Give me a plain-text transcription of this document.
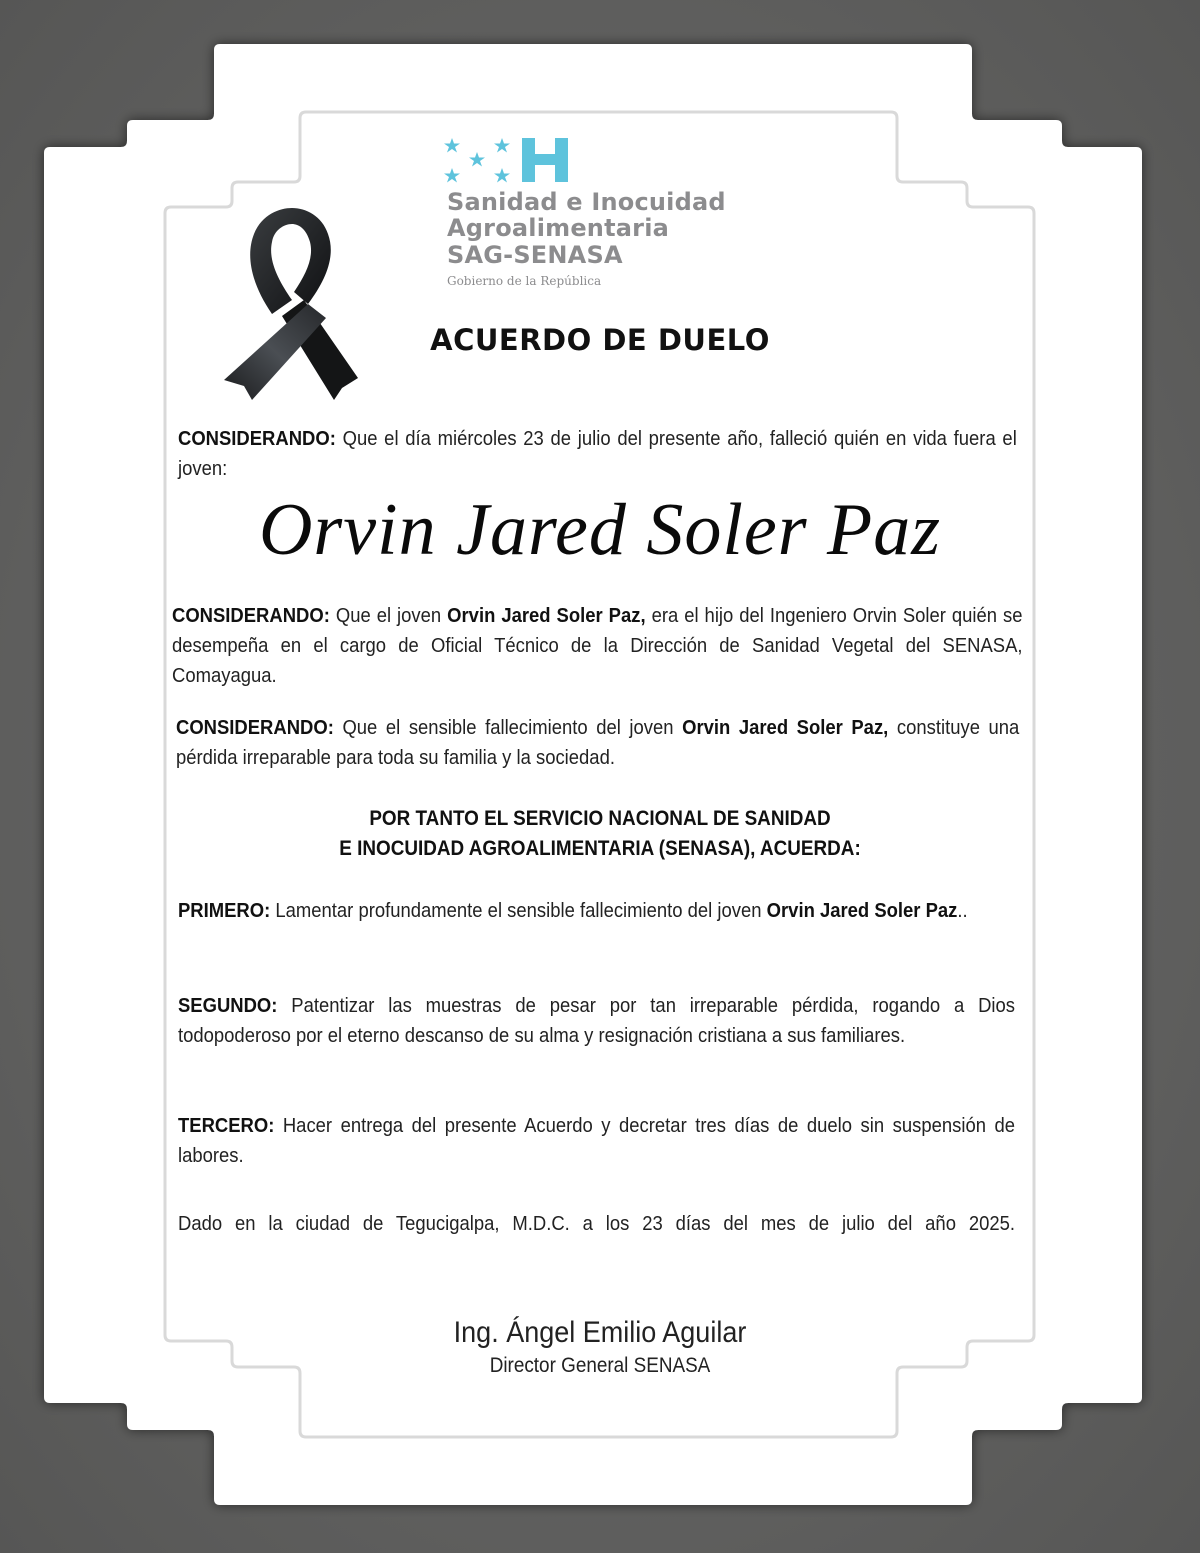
Sanidad e Inocuidad
Agroalimentaria
SAG-SENASA
Gobierno de la República
ACUERDO DE DUELO

CONSIDERANDO: Que el día miércoles 23 de julio del presente año, falleció quién en vida fuera el joven:

Orvin Jared Soler Paz

CONSIDERANDO: Que el joven Orvin Jared Soler Paz, era el hijo del Ingeniero Orvin Soler quién se desempeña en el cargo de Oficial Técnico de la Dirección de Sanidad Vegetal del SENASA, Comayagua.

CONSIDERANDO: Que el sensible fallecimiento del joven Orvin Jared Soler Paz, constituye una pérdida irreparable para toda su familia y la sociedad.

POR TANTO EL SERVICIO NACIONAL DE SANIDAD
E INOCUIDAD AGROALIMENTARIA (SENASA), ACUERDA:

PRIMERO: Lamentar profundamente el sensible fallecimiento del joven Orvin Jared Soler Paz..

SEGUNDO: Patentizar las muestras de pesar por tan irreparable pérdida, rogando a Dios todopoderoso por el eterno descanso de su alma y resignación cristiana a sus familiares.

TERCERO: Hacer entrega del presente Acuerdo y decretar tres días de duelo sin suspensión de labores.

Dado en la ciudad de Tegucigalpa, M.D.C. a los 23 días del mes de julio del año 2025.

Ing. Ángel Emilio Aguilar
Director General SENASA
